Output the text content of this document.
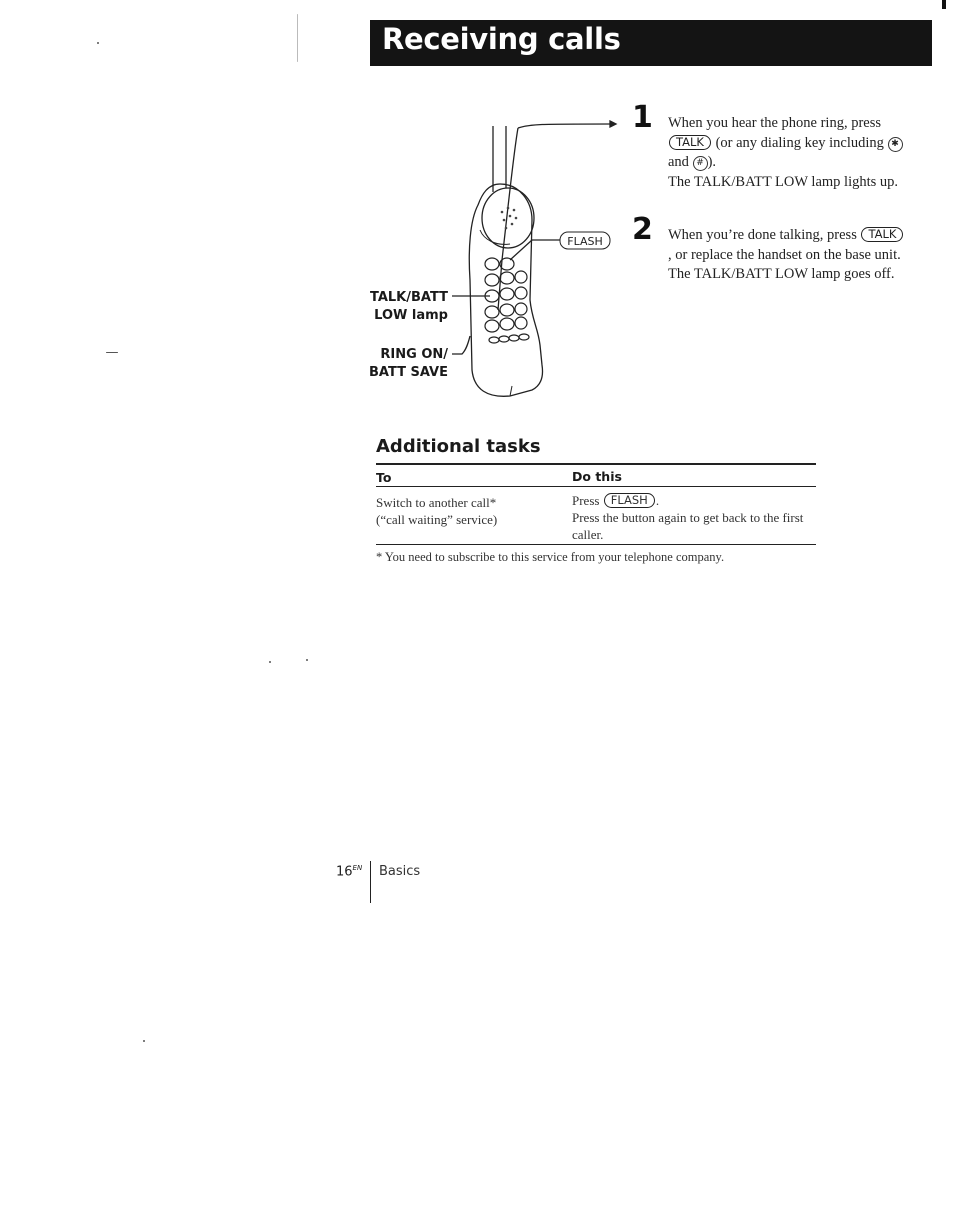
Receiving calls
FLASH
TALK/BATT
LOW lamp
RING ON/
BATT SAVE
1 When you hear the phone ring, press TALK (or any dialing key including ✱ and # ).
The TALK/BATT LOW lamp lights up.
2 When you’re done talking, press TALK, or replace the handset on the base unit.
The TALK/BATT LOW lamp goes off.
Additional tasks
To	Do this
Switch to another call*
(“call waiting” service)
Press FLASH .
Press the button again to get back to the first caller.
* You need to subscribe to this service from your telephone company.
$16^{EN}$ Basics
